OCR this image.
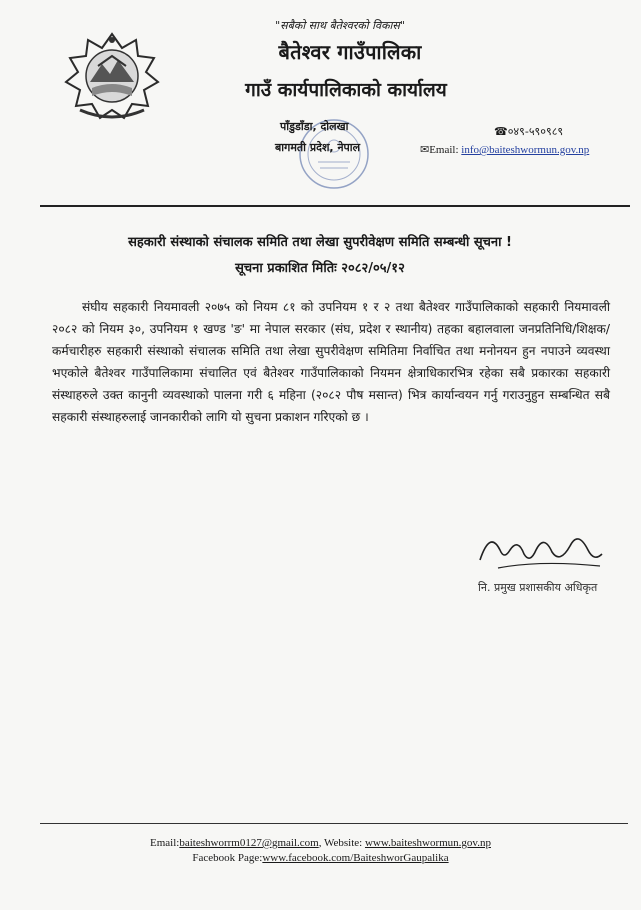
"सबैको साथ बैतेश्वरको विकास"
बैतेश्वर गाउँपालिका
गाउँ कार्यपालिकाको कार्यालय
पाँडुडाँडा, दोलखा
बागमती प्रदेश, नेपाल
☎०४९-५९०९८९
✉Email: info@baiteshwormun.gov.np
सहकारी संस्थाको संचालक समिति तथा लेखा सुपरीवेक्षण समिति सम्बन्धी सूचना !
सूचना प्रकाशित मितिः २०८२/०५/१२
संघीय सहकारी नियमावली २०७५ को नियम ८१ को उपनियम १ र २ तथा बैतेश्वर गाउँपालिकाको सहकारी नियमावली २०८२ को नियम ३०, उपनियम १ खण्ड 'ङ' मा नेपाल सरकार (संघ, प्रदेश र स्थानीय) तहका बहालवाला जनप्रतिनिधि/शिक्षक/कर्मचारीहरु सहकारी संस्थाको संचालक समिति तथा लेखा सुपरीवेक्षण समितिमा निर्वाचित तथा मनोनयन हुन नपाउने व्यवस्था भएकोले बैतेश्वर गाउँपालिकामा संचालित एवं बैतेश्वर गाउँपालिकाको नियमन क्षेत्राधिकारभित्र रहेका सबै प्रकारका सहकारी संस्थाहरुले उक्त कानुनी व्यवस्थाको पालना गरी ६ महिना (२०८२ पौष मसान्त) भित्र कार्यान्वयन गर्नु गराउनुहुन सम्बन्धित सबै सहकारी संस्थाहरुलाई जानकारीको लागि यो सुचना प्रकाशन गरिएको छ ।
नि. प्रमुख प्रशासकीय अधिकृत
Email:baiteshworrm0127@gmail.com, Website: www.baiteshwormun.gov.np
Facebook Page:www.facebook.com/BaiteshworGaupalika
